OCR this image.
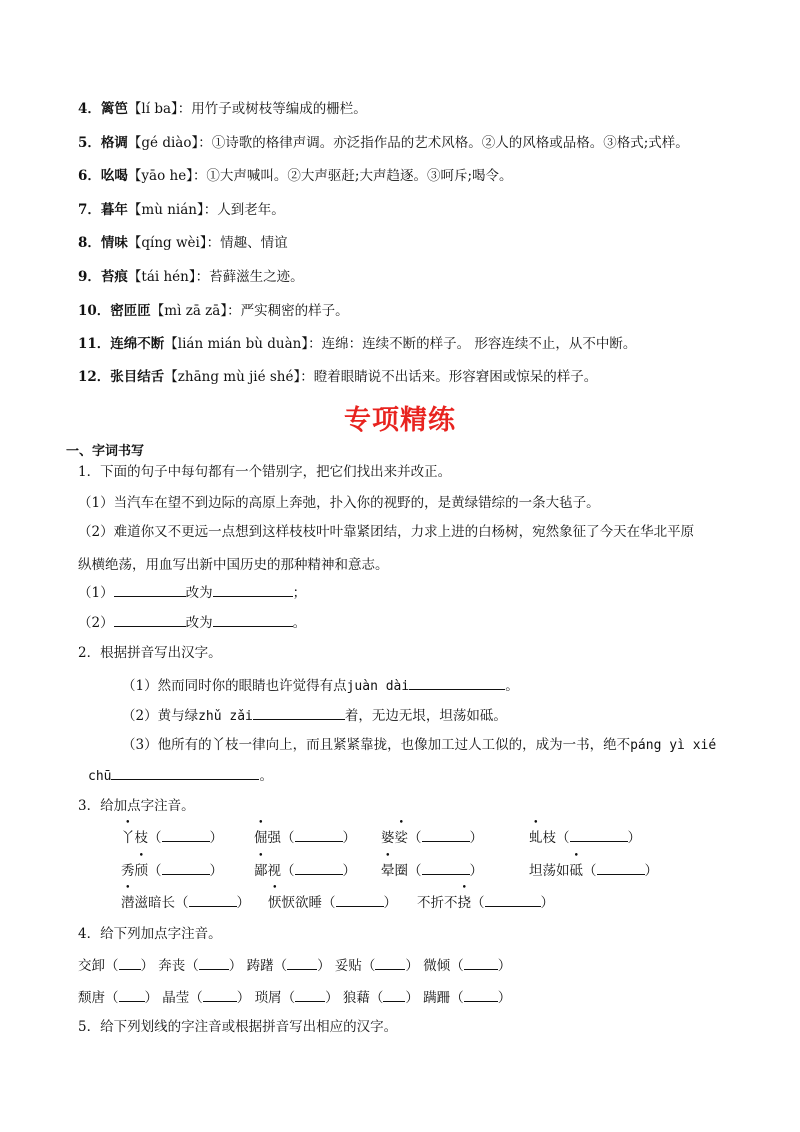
4．篱笆【lí ba】：用竹子或树枝等编成的栅栏。
5．格调【gé diào】：①诗歌的格律声调。亦泛指作品的艺术风格。②人的风格或品格。③格式;式样。
6．吆喝【yāo he】：①大声喊叫。②大声驱赶;大声趋逐。③呵斥;喝令。
7．暮年【mù nián】：人到老年。
8．情味【qíng wèi】：情趣、情谊
9．苔痕【tái hén】：苔藓滋生之迹。
10．密匝匝【mì zā zā】：严实稠密的样子。
11．连绵不断【lián mián bù duàn】：连绵：连续不断的样子。 形容连续不止，从不中断。
12．张目结舌【zhāng mù jié shé】：瞪着眼睛说不出话来。形容窘困或惊呆的样子。
专项精练
一、字词书写
1．下面的句子中每句都有一个错别字，把它们找出来并改正。
（1）当汽车在望不到边际的高原上奔弛，扑入你的视野的，是黄绿错综的一条大毡子。
（2）难道你又不更远一点想到这样枝枝叶叶靠紧团结，力求上进的白杨树，宛然象征了今天在华北平原
纵横绝荡，用血写出新中国历史的那种精神和意志。
（1）	改为	；
（2）	改为	。
2．根据拼音写出汉字。
（1）然而同时你的眼睛也许觉得有点juàn dài	。
（2）黄与绿zhǔ zǎi	着，无边无垠，坦荡如砥。
（3）他所有的丫枝一律向上，而且紧紧靠拢，也像加工过人工似的，成为一书，绝不páng yì xié
chū	。
3．给加点字注音。
丫枝（	） 倔强（	） 婆娑（	）	虬枝（	）
秀颀（	） 鄙视（	） 晕圈（	）	坦荡如砥（	）
潜滋暗长（	） 恹恹欲睡（	） 不折不挠（	）
4．给下列加点字注音。
交卸（ ） 奔丧（ ） 踌躇（ ） 妥贴（ ） 微倾（	）
颓唐（ ） 晶莹（	） 琐屑（ ） 狼藉（ ） 蹒跚（	）
5．给下列划线的字注音或根据拼音写出相应的汉字。
